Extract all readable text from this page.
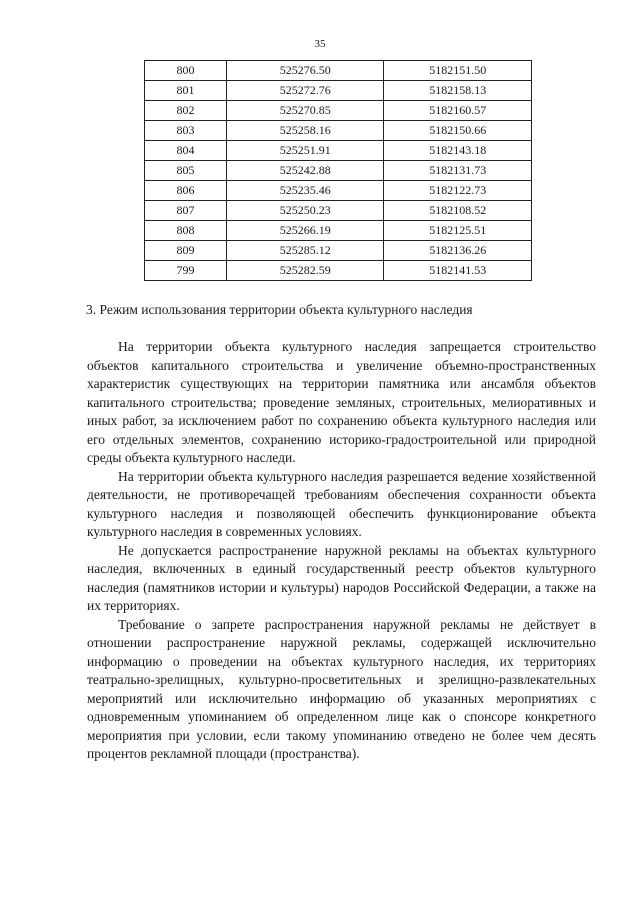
35
800	525276.50	5182151.50
801	525272.76	5182158.13
802	525270.85	5182160.57
803	525258.16	5182150.66
804	525251.91	5182143.18
805	525242.88	5182131.73
806	525235.46	5182122.73
807	525250.23	5182108.52
808	525266.19	5182125.51
809	525285.12	5182136.26
799	525282.59	5182141.53
3. Режим использования территории объекта культурного наследия

На территории объекта культурного наследия запрещается строительство объектов капитального строительства и увеличение объемно-пространственных характеристик существующих на территории памятника или ансамбля объектов капитального строительства; проведение земляных, строительных, мелиоративных и иных работ, за исключением работ по сохранению объекта культурного наследия или его отдельных элементов, сохранению историко-градостроительной или природной среды объекта культурного наследи.

На территории объекта культурного наследия разрешается ведение хозяйственной деятельности, не противоречащей требованиям обеспечения сохранности объекта культурного наследия и позволяющей обеспечить функционирование объекта культурного наследия в современных условиях.

Не допускается распространение наружной рекламы на объектах культурного наследия, включенных в единый государственный реестр объектов культурного наследия (памятников истории и культуры) народов Российской Федерации, а также на их территориях.

Требование о запрете распространения наружной рекламы не действует в отношении распространение наружной рекламы, содержащей исключительно информацию о проведении на объектах культурного наследия, их территориях театрально-зрелищных, культурно-просветительных и зрелищно-развлекательных мероприятий или исключительно информацию об указанных мероприятиях с одновременным упоминанием об определенном лице как о спонсоре конкретного мероприятия при условии, если такому упоминанию отведено не более чем десять процентов рекламной площади (пространства).
